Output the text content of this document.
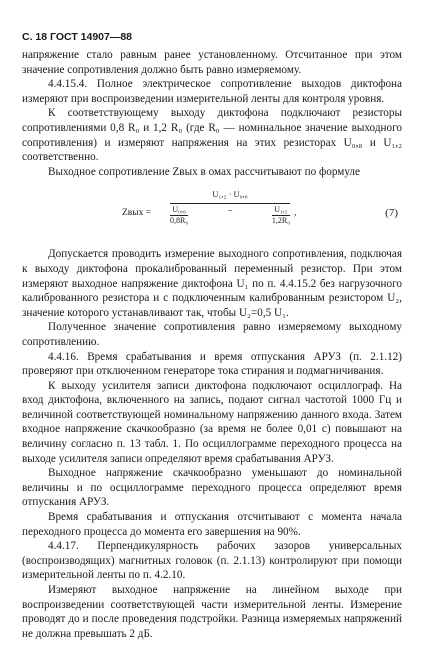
С. 18 ГОСТ 14907—88

напряжение стало равным ранее установленному. Отсчитанное при этом значение сопротивления должно быть равно измеряемому.

4.4.15.4. Полное электрическое сопротивление выходов диктофона измеряют при воспроизведении измерительной ленты для контроля уровня.

К соответствующему выходу диктофона подключают резисторы сопротивлениями 0,8 R₀ и 1,2 R₀ (где R₀ — номинальное значение выходного сопротивления) и измеряют напряжения на этих резисторах U₀,₈ и U₁,₂ соответственно.

Выходное сопротивление Zвых в омах рассчитывают по формуле

Zвых =
U₁,₂ · U₀,₈
U₀,₈
0,8R₀
−	$\frac{\text{U₁,₂}}{\text{1,2R₀}}$ ,	(7)

Допускается проводить измерение выходного сопротивления, подключая к выходу диктофона прокалиброванный переменный резистор. При этом измеряют выходное напряжение диктофона U₁ по п. 4.4.15.2 без нагрузочного калиброванного резистора и с подключенным калиброванным резистором U₂, значение которого устанавливают так, чтобы U₂=0,5 U₁.

Полученное значение сопротивления равно измеряемому выходному сопротивлению.

4.4.16. Время срабатывания и время отпускания АРУЗ (п. 2.1.12) проверяют при отключенном генераторе тока стирания и подмагничивания.

К выходу усилителя записи диктофона подключают осциллограф. На вход диктофона, включенного на запись, подают сигнал частотой 1000 Гц и величиной соответствующей номинальному напряжению данного входа. Затем входное напряжение скачкообразно (за время не более 0,01 с) повышают на величину согласно п. 13 табл. 1. По осциллограмме переходного процесса на выходе усилителя записи определяют время срабатывания АРУЗ.

Выходное напряжение скачкообразно уменьшают до номинальной величины и по осциллограмме переходного процесса определяют время отпускания АРУЗ.

Время срабатывания и отпускания отсчитывают с момента начала переходного процесса до момента его завершения на 90%.

4.4.17. Перпендикулярность рабочих зазоров универсальных (воспроизводящих) магнитных головок (п. 2.1.13) контролируют при помощи измерительной ленты по п. 4.2.10.

Измеряют выходное напряжение на линейном выходе при воспроизведении соответствующей части измерительной ленты. Измерение проводят до и после проведения подстройки. Разница измеряемых напряжений не должна превышать 2 дБ.
